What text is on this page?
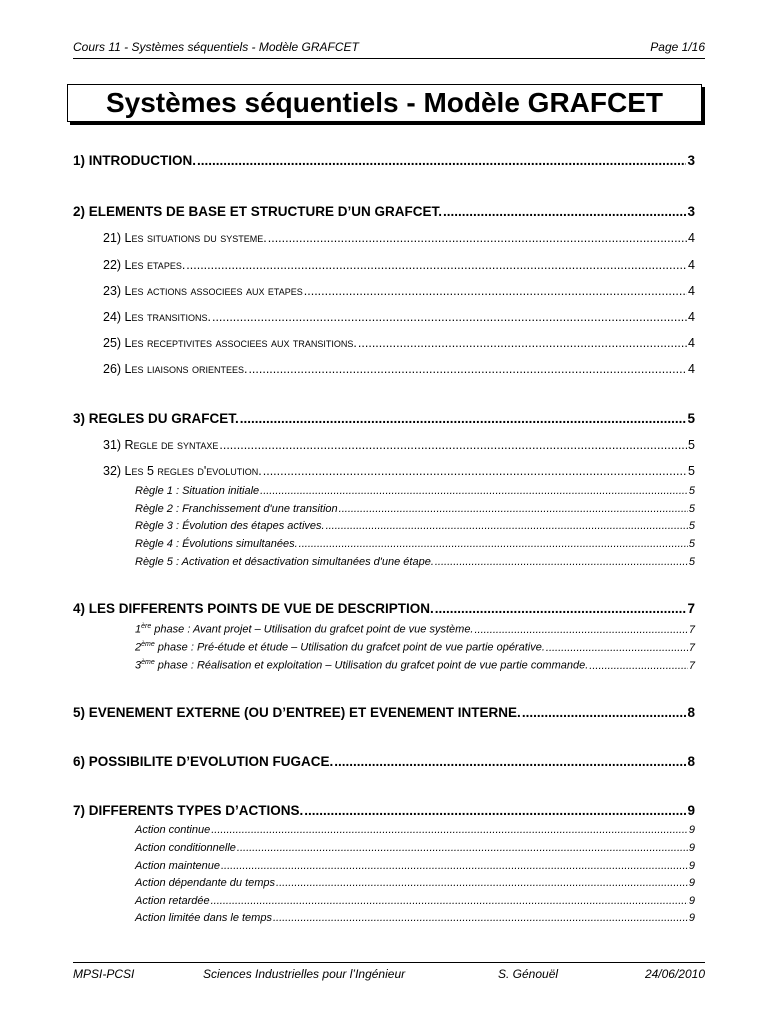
Cours 11 - Systèmes séquentiels - Modèle GRAFCET	Page 1/16
Systèmes séquentiels - Modèle GRAFCET
1) INTRODUCTION. .....	3
2) ELEMENTS DE BASE ET STRUCTURE D’UN GRAFCET. .....	3
21) Les situations du systeme. .....	4
22) Les etapes. .....	4
23) Les actions associees aux etapes .....	4
24) Les transitions. .....	4
25) Les receptivites associees aux transitions. .....	4
26) Les liaisons orientees. .....	4
3) REGLES DU GRAFCET. .....	5
31) Regle de syntaxe .....	5
32) Les 5 regles d'evolution. .....	5
Règle 1 : Situation initiale .....	5
Règle 2 : Franchissement d'une transition .....	5
Règle 3 : Évolution des étapes actives. .....	5
Règle 4 : Évolutions simultanées. .....	5
Règle 5 : Activation et désactivation simultanées d'une étape. .....	5
4) LES DIFFERENTS POINTS DE VUE DE DESCRIPTION. .....	7
1ère phase : Avant projet – Utilisation du grafcet point de vue système. .....	7
2ème phase : Pré-étude et étude – Utilisation du grafcet point de vue partie opérative. .....	7
3ème phase : Réalisation et exploitation – Utilisation du grafcet point de vue partie commande. .....	7
5) EVENEMENT EXTERNE (OU D’ENTREE) ET EVENEMENT INTERNE. .....	8
6) POSSIBILITE D’EVOLUTION FUGACE. .....	8
7) DIFFERENTS TYPES D’ACTIONS. .....	9
Action continue .....	9
Action conditionnelle .....	9
Action maintenue .....	9
Action dépendante du temps .....	9
Action retardée .....	9
Action limitée dans le temps .....	9
MPSI-PCSI	Sciences Industrielles pour l’Ingénieur	S. Génouël	24/06/2010
